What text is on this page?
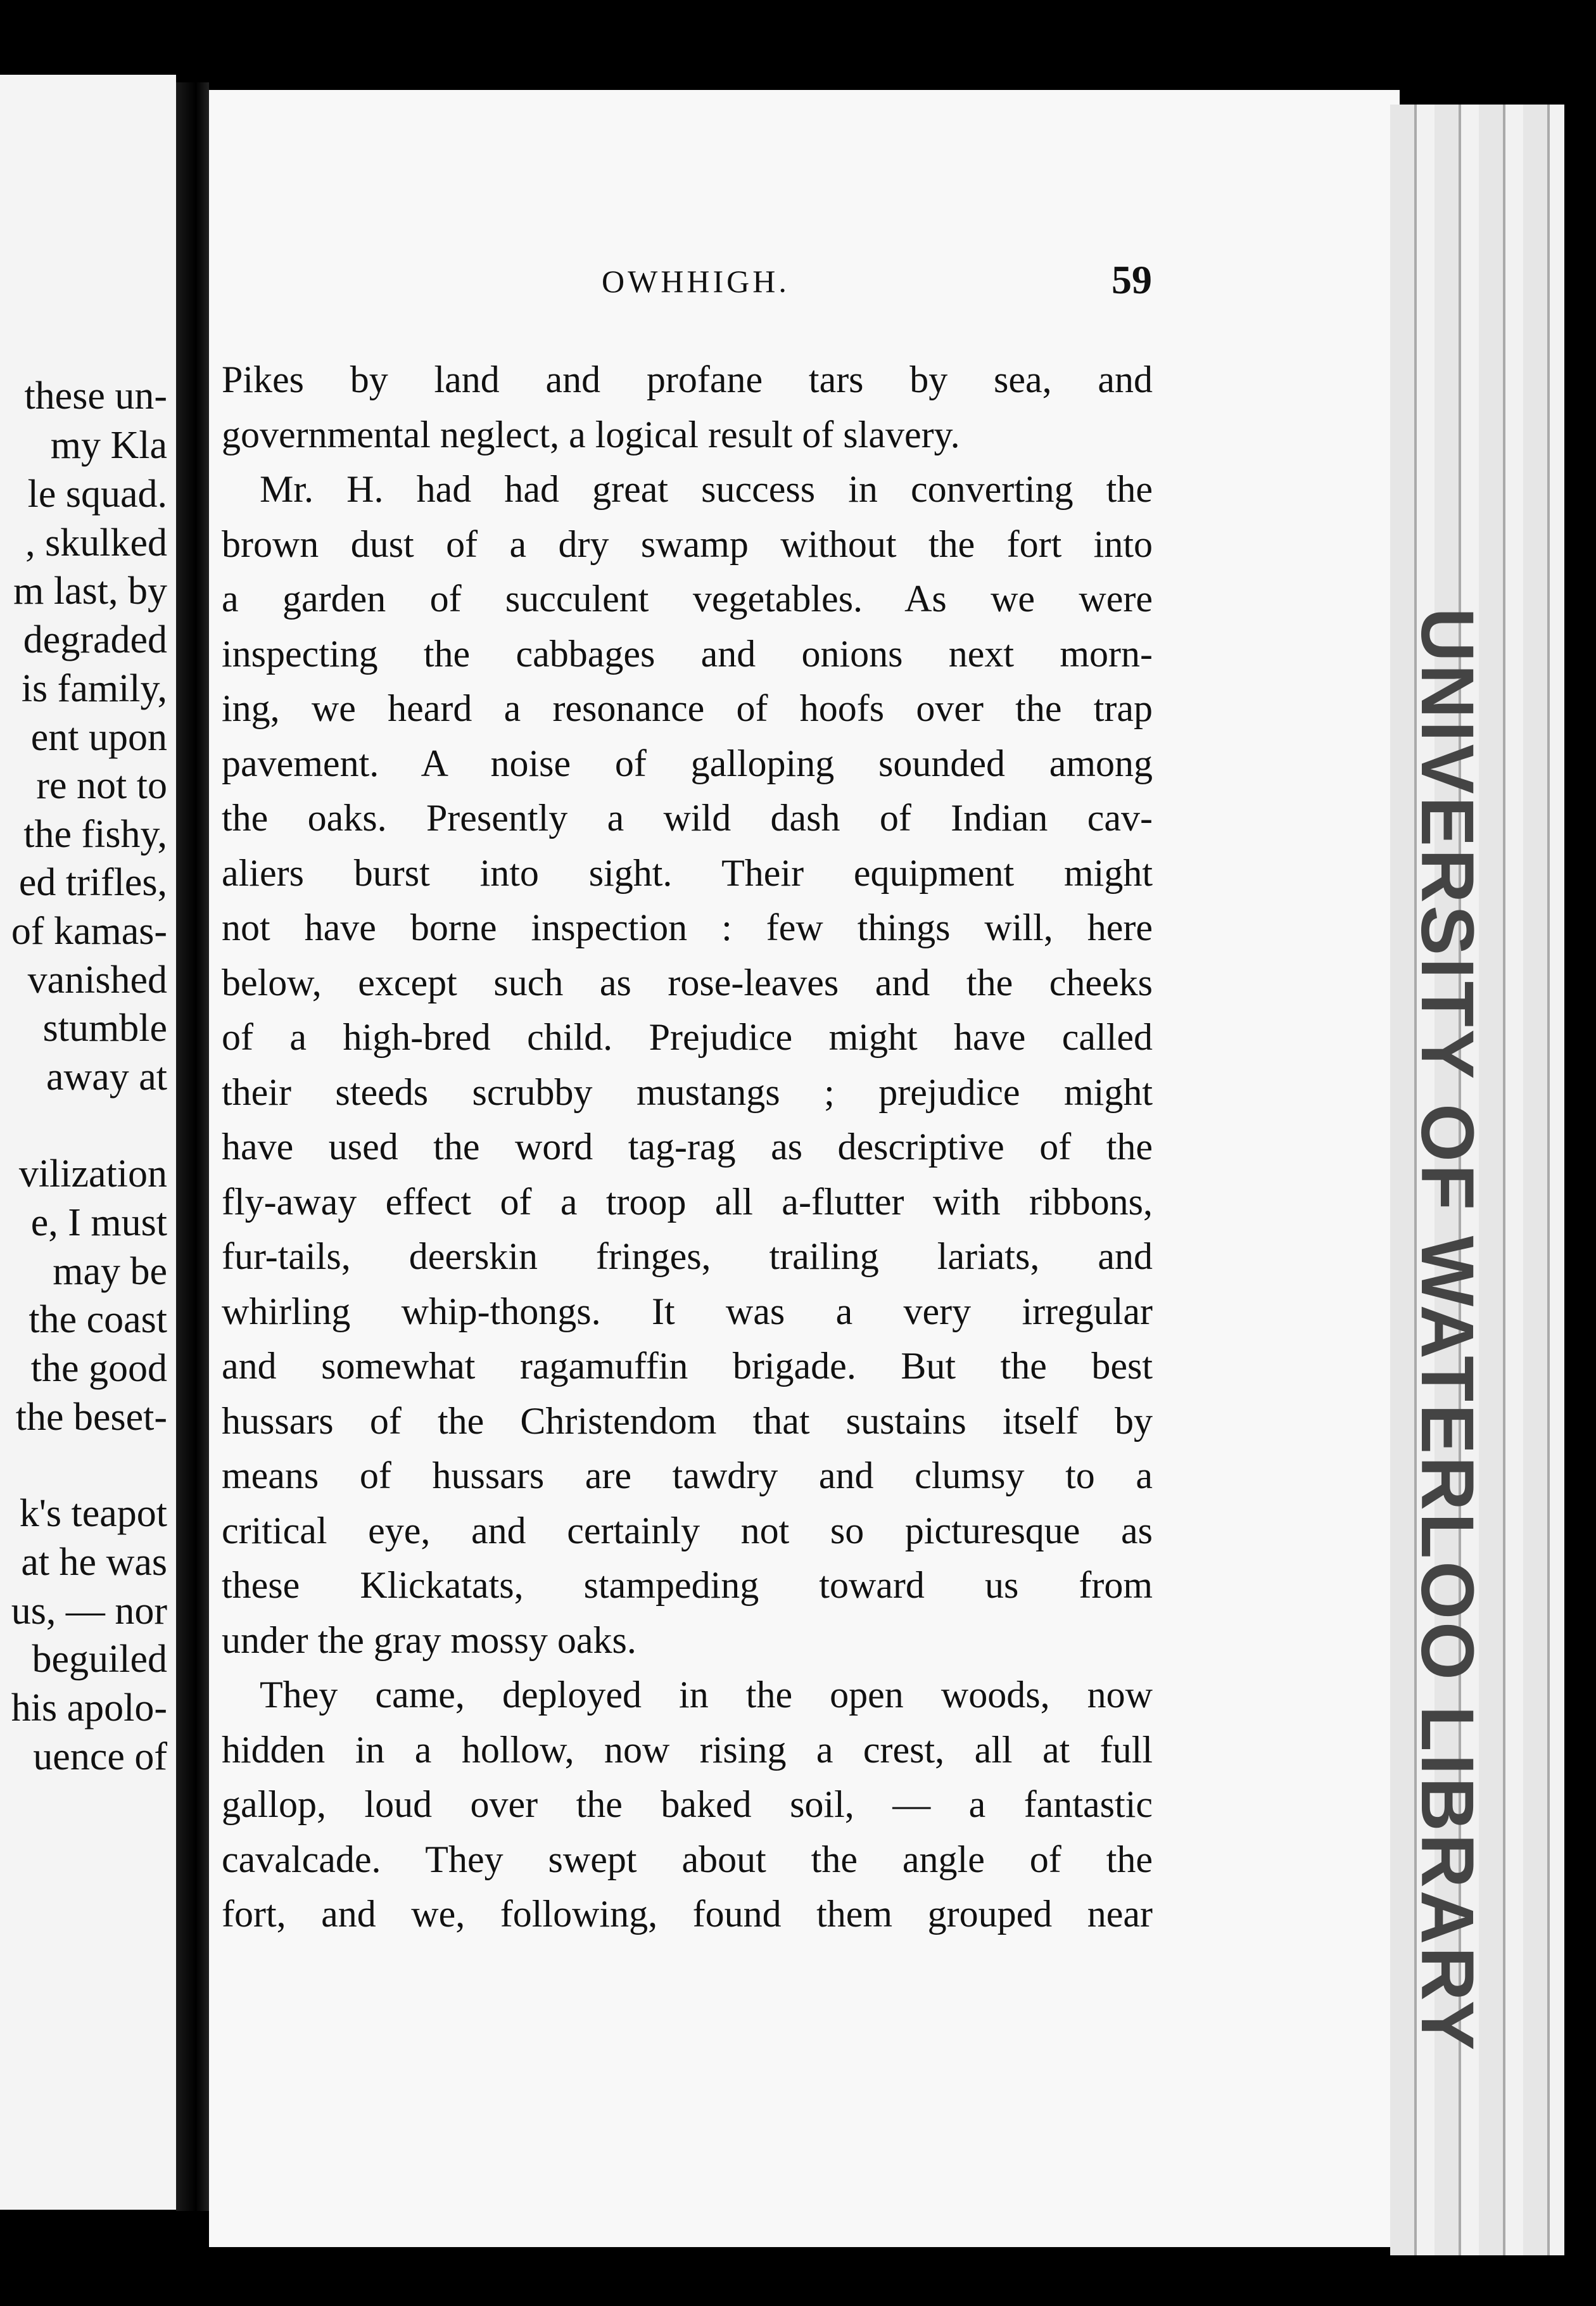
these un-
my Kla
le squad.
, skulked
m last, by
degraded
is family,
ent upon
re not to
the fishy,
ed trifles,
of kamas-
vanished
stumble
away at
vilization
e, I must
may be
the coast
the good
the beset-
k's teapot
at he was
us, — nor
beguiled
his apolo-
uence of
OWHHIGH.	59
Pikes by land and profane tars by sea, and
governmental neglect, a logical result of slavery.
Mr. H. had had great success in converting the
brown dust of a dry swamp without the fort into
a garden of succulent vegetables. As we were
inspecting the cabbages and onions next morn-
ing, we heard a resonance of hoofs over the trap
pavement. A noise of galloping sounded among
the oaks. Presently a wild dash of Indian cav-
aliers burst into sight. Their equipment might
not have borne inspection : few things will, here
below, except such as rose-leaves and the cheeks
of a high-bred child. Prejudice might have called
their steeds scrubby mustangs ; prejudice might
have used the word tag-rag as descriptive of the
fly-away effect of a troop all a-flutter with ribbons,
fur-tails, deerskin fringes, trailing lariats, and
whirling whip-thongs. It was a very irregular
and somewhat ragamuffin brigade. But the best
hussars of the Christendom that sustains itself by
means of hussars are tawdry and clumsy to a
critical eye, and certainly not so picturesque as
these Klickatats, stampeding toward us from
under the gray mossy oaks.
They came, deployed in the open woods, now
hidden in a hollow, now rising a crest, all at full
gallop, loud over the baked soil, — a fantastic
cavalcade. They swept about the angle of the
fort, and we, following, found them grouped near	UNIVERSITY OF WATERLOO LIBRARY
